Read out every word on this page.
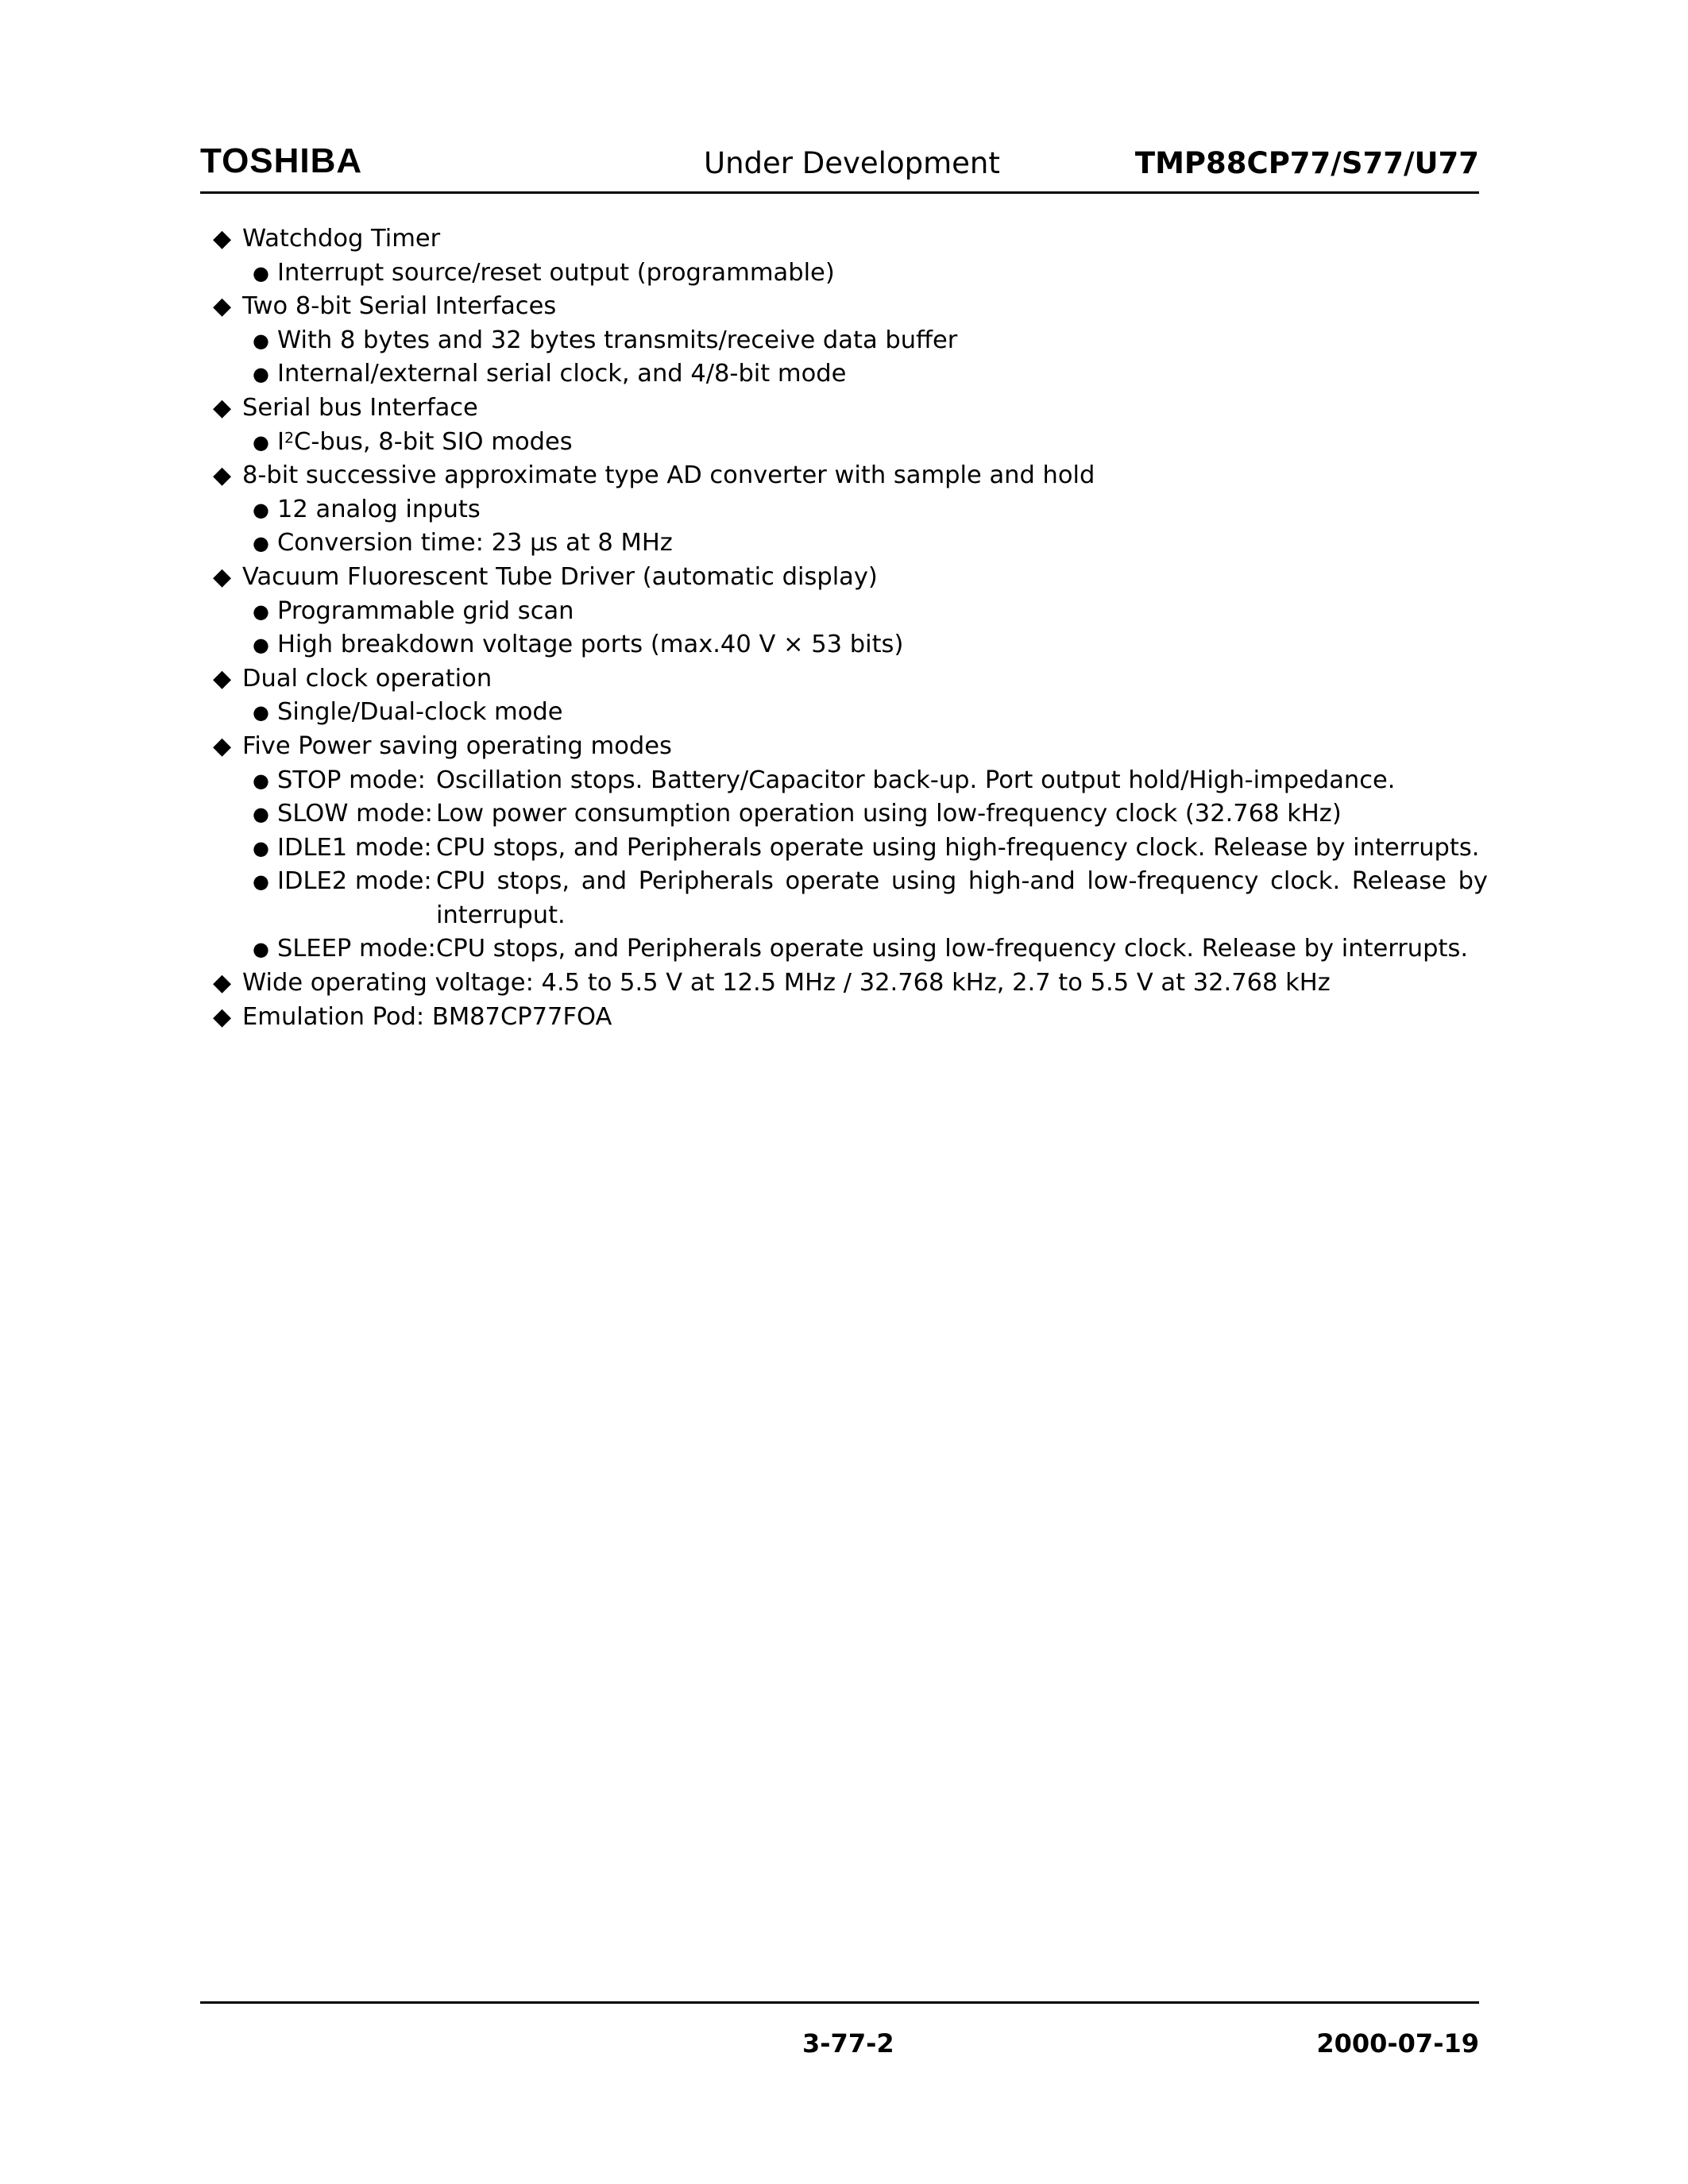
TOSHIBA	Under Development	TMP88CP77/S77/U77
◆ Watchdog Timer
● Interrupt source/reset output (programmable)
◆ Two 8-bit Serial Interfaces
● With 8 bytes and 32 bytes transmits/receive data buffer
● Internal/external serial clock, and 4/8-bit mode
◆ Serial bus Interface
● $I^2C$-bus, 8-bit SIO modes
◆ 8-bit successive approximate type AD converter with sample and hold
● 12 analog inputs
● Conversion time: 23 μs at 8 MHz
◆ Vacuum Fluorescent Tube Driver (automatic display)
● Programmable grid scan
● High breakdown voltage ports (max.40 V × 53 bits)
◆ Dual clock operation
● Single/Dual-clock mode
◆ Five Power saving operating modes
● STOP mode: Oscillation stops. Battery/Capacitor back-up. Port output hold/High-impedance.
● SLOW mode: Low power consumption operation using low-frequency clock (32.768 kHz)
● IDLE1 mode: CPU stops, and Peripherals operate using high-frequency clock. Release by interrupts.
● IDLE2 mode: CPU stops, and Peripherals operate using high-and low-frequency clock. Release by interruput.
● SLEEP mode: CPU stops, and Peripherals operate using low-frequency clock. Release by interrupts.
◆ Wide operating voltage: 4.5 to 5.5 V at 12.5 MHz / 32.768 kHz, 2.7 to 5.5 V at 32.768 kHz
◆ Emulation Pod: BM87CP77FOA
3-77-2	2000-07-19
